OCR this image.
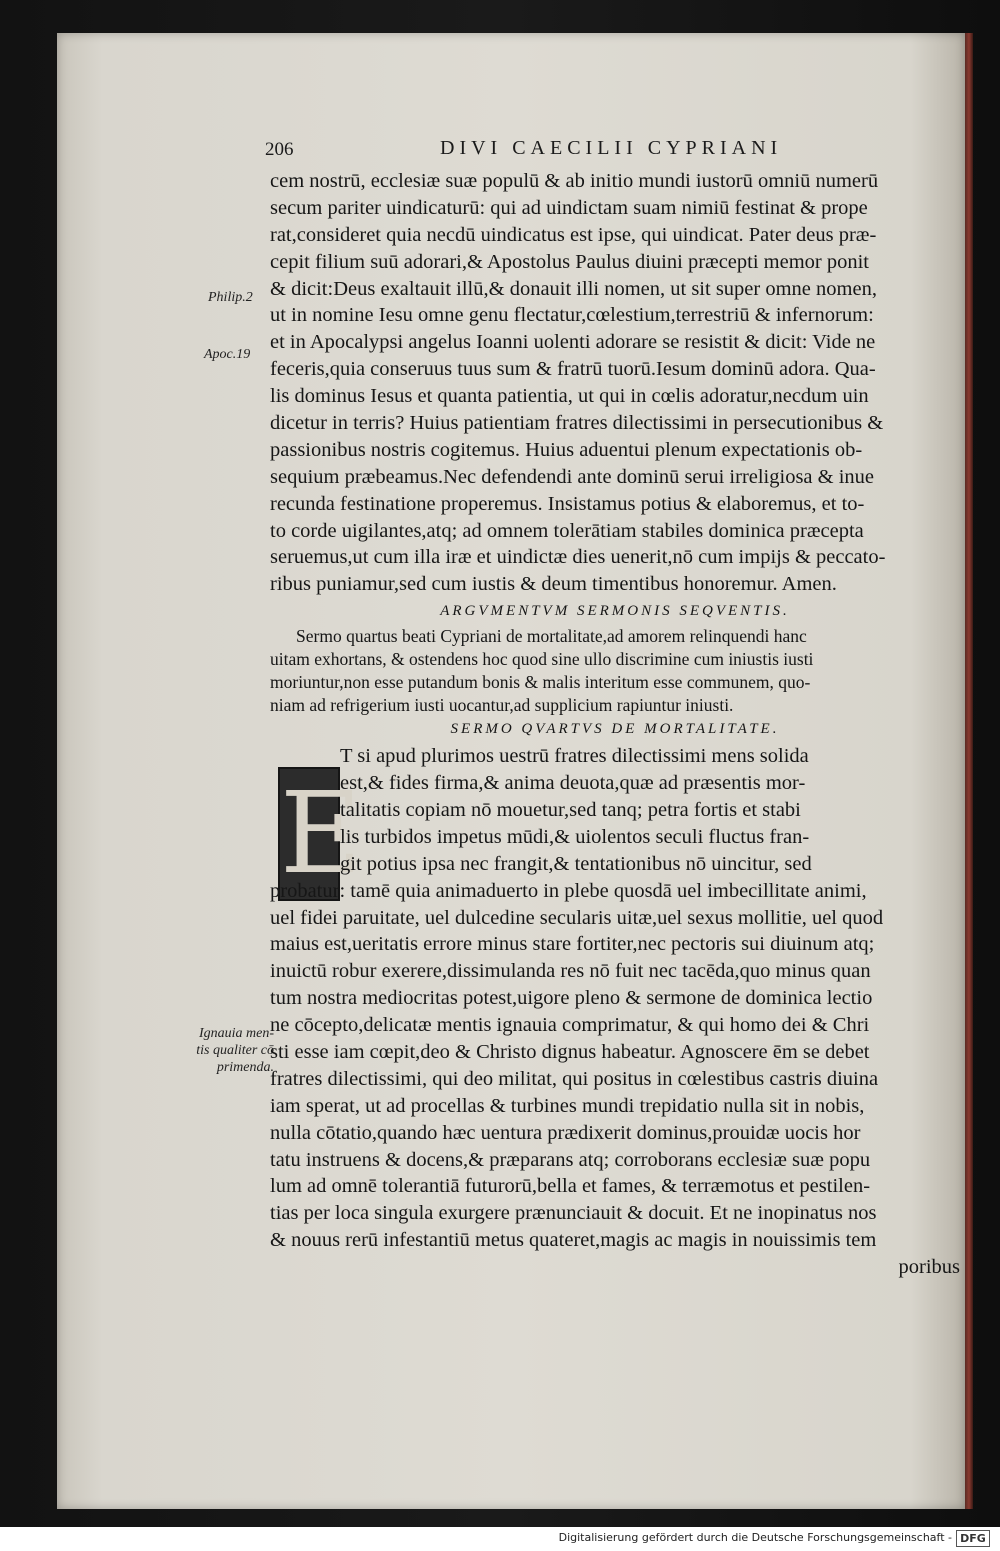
206	DIVI CAECILII CYPRIANI
Philip.2
Apoc.19
Ignauia men-
tis qualiter cō
primenda.
E
cem nostrū, ecclesiæ suæ populū & ab initio mundi iustorū omniū numerū
secum pariter uindicaturū: qui ad uindictam suam nimiū festinat & prope
rat,consideret quia necdū uindicatus est ipse, qui uindicat. Pater deus præ-
cepit filium suū adorari,& Apostolus Paulus diuini præcepti memor ponit
& dicit:Deus exaltauit illū,& donauit illi nomen, ut sit super omne nomen,
ut in nomine Iesu omne genu flectatur,cœlestium,terrestriū & infernorum:
et in Apocalypsi angelus Ioanni uolenti adorare se resistit & dicit: Vide ne
feceris,quia conseruus tuus sum & fratrū tuorū.Iesum dominū adora. Qua-
lis dominus Iesus et quanta patientia, ut qui in cœlis adoratur,necdum uin
dicetur in terris? Huius patientiam fratres dilectissimi in persecutionibus &
passionibus nostris cogitemus. Huius aduentui plenum expectationis ob-
sequium præbeamus.Nec defendendi ante dominū serui irreligiosa & inue
recunda festinatione properemus. Insistamus potius & elaboremus, et to-
to corde uigilantes,atq; ad omnem tolerātiam stabiles dominica præcepta
seruemus,ut cum illa iræ et uindictæ dies uenerit,nō cum impijs & peccato-
ribus puniamur,sed cum iustis & deum timentibus honoremur. Amen.
ARGVMENTVM SERMONIS SEQVENTIS.
Sermo quartus beati Cypriani de mortalitate,ad amorem relinquendi hanc
uitam exhortans, & ostendens hoc quod sine ullo discrimine cum iniustis iusti
moriuntur,non esse putandum bonis & malis interitum esse communem, quo-
niam ad refrigerium iusti uocantur,ad supplicium rapiuntur iniusti.
SERMO QVARTVS DE MORTALITATE.
T si apud plurimos uestrū fratres dilectissimi mens solida
est,& fides firma,& anima deuota,quæ ad præsentis mor-
talitatis copiam nō mouetur,sed tanq; petra fortis et stabi
lis turbidos impetus mūdi,& uiolentos seculi fluctus fran-
git potius ipsa nec frangit,& tentationibus nō uincitur, sed
probatur: tamē quia animaduerto in plebe quosdā uel imbecillitate animi,
uel fidei paruitate, uel dulcedine secularis uitæ,uel sexus mollitie, uel quod
maius est,ueritatis errore minus stare fortiter,nec pectoris sui diuinum atq;
inuictū robur exerere,dissimulanda res nō fuit nec tacēda,quo minus quan
tum nostra mediocritas potest,uigore pleno & sermone de dominica lectio
ne cōcepto,delicatæ mentis ignauia comprimatur, & qui homo dei & Chri
sti esse iam cœpit,deo & Christo dignus habeatur. Agnoscere ēm se debet
fratres dilectissimi, qui deo militat, qui positus in cœlestibus castris diuina
iam sperat, ut ad procellas & turbines mundi trepidatio nulla sit in nobis,
nulla cōtatio,quando hæc uentura prædixerit dominus,prouidæ uocis hor
tatu instruens & docens,& præparans atq; corroborans ecclesiæ suæ popu
lum ad omnē tolerantiā futurorū,bella et fames, & terræmotus et pestilen-
tias per loca singula exurgere prænunciauit & docuit. Et ne inopinatus nos
& nouus rerū infestantiū metus quateret,magis ac magis in nouissimis tem
poribus
Digitalisierung gefördert durch die Deutsche Forschungsgemeinschaft - DFG
